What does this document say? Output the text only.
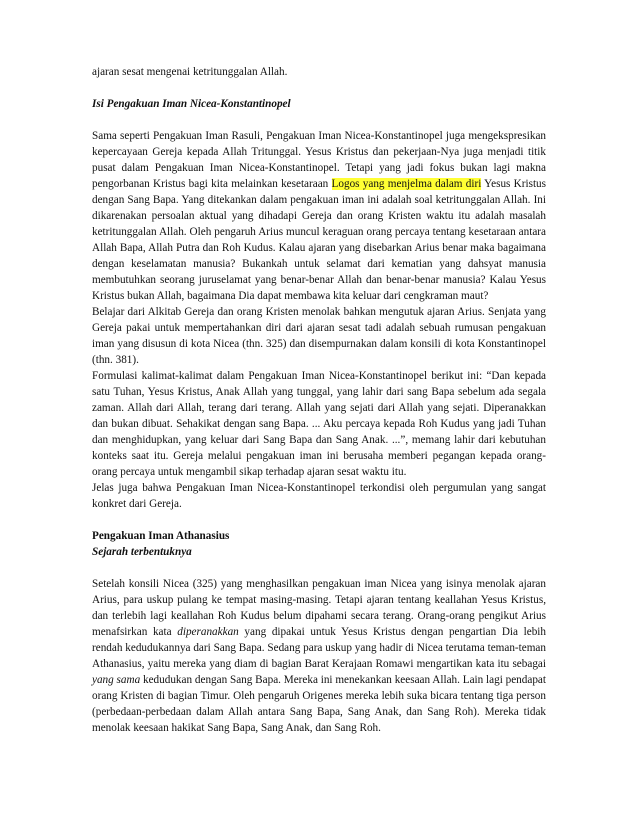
ajaran sesat mengenai ketritunggalan Allah.

Isi Pengakuan Iman Nicea-Konstantinopel

Sama seperti Pengakuan Iman Rasuli, Pengakuan Iman Nicea-Konstantinopel juga mengekspresikan kepercayaan Gereja kepada Allah Tritunggal. Yesus Kristus dan pekerjaan-Nya juga menjadi titik pusat dalam Pengakuan Iman Nicea-Konstantinopel. Tetapi yang jadi fokus bukan lagi makna pengorbanan Kristus bagi kita melainkan kesetaraan Logos yang menjelma dalam diri Yesus Kristus dengan Sang Bapa. Yang ditekankan dalam pengakuan iman ini adalah soal ketritunggalan Allah. Ini dikarenakan persoalan aktual yang dihadapi Gereja dan orang Kristen waktu itu adalah masalah ketritunggalan Allah. Oleh pengaruh Arius muncul keraguan orang percaya tentang kesetaraan antara Allah Bapa, Allah Putra dan Roh Kudus. Kalau ajaran yang disebarkan Arius benar maka bagaimana dengan keselamatan manusia? Bukankah untuk selamat dari kematian yang dahsyat manusia membutuhkan seorang juruselamat yang benar-benar Allah dan benar-benar manusia? Kalau Yesus Kristus bukan Allah, bagaimana Dia dapat membawa kita keluar dari cengkraman maut?

Belajar dari Alkitab Gereja dan orang Kristen menolak bahkan mengutuk ajaran Arius. Senjata yang Gereja pakai untuk mempertahankan diri dari ajaran sesat tadi adalah sebuah rumusan pengakuan iman yang disusun di kota Nicea (thn. 325) dan disempurnakan dalam konsili di kota Konstantinopel (thn. 381).

Formulasi kalimat-kalimat dalam Pengakuan Iman Nicea-Konstantinopel berikut ini: “Dan kepada satu Tuhan, Yesus Kristus, Anak Allah yang tunggal, yang lahir dari sang Bapa sebelum ada segala zaman. Allah dari Allah, terang dari terang. Allah yang sejati dari Allah yang sejati. Diperanakkan dan bukan dibuat. Sehakikat dengan sang Bapa. ... Aku percaya kepada Roh Kudus yang jadi Tuhan dan menghidupkan, yang keluar dari Sang Bapa dan Sang Anak. ...”, memang lahir dari kebutuhan konteks saat itu. Gereja melalui pengakuan iman ini berusaha memberi pegangan kepada orang-orang percaya untuk mengambil sikap terhadap ajaran sesat waktu itu.

Jelas juga bahwa Pengakuan Iman Nicea-Konstantinopel terkondisi oleh pergumulan yang sangat konkret dari Gereja.

Pengakuan Iman Athanasius

Sejarah terbentuknya

Setelah konsili Nicea (325) yang menghasilkan pengakuan iman Nicea yang isinya menolak ajaran Arius, para uskup pulang ke tempat masing-masing. Tetapi ajaran tentang keallahan Yesus Kristus, dan terlebih lagi keallahan Roh Kudus belum dipahami secara terang. Orang-orang pengikut Arius menafsirkan kata diperanakkan yang dipakai untuk Yesus Kristus dengan pengartian Dia lebih rendah kedudukannya dari Sang Bapa. Sedang para uskup yang hadir di Nicea terutama teman-teman Athanasius, yaitu mereka yang diam di bagian Barat Kerajaan Romawi mengartikan kata itu sebagai yang sama kedudukan dengan Sang Bapa. Mereka ini menekankan keesaan Allah. Lain lagi pendapat orang Kristen di bagian Timur. Oleh pengaruh Origenes mereka lebih suka bicara tentang tiga person (perbedaan-perbedaan dalam Allah antara Sang Bapa, Sang Anak, dan Sang Roh). Mereka tidak menolak keesaan hakikat Sang Bapa, Sang Anak, dan Sang Roh.
